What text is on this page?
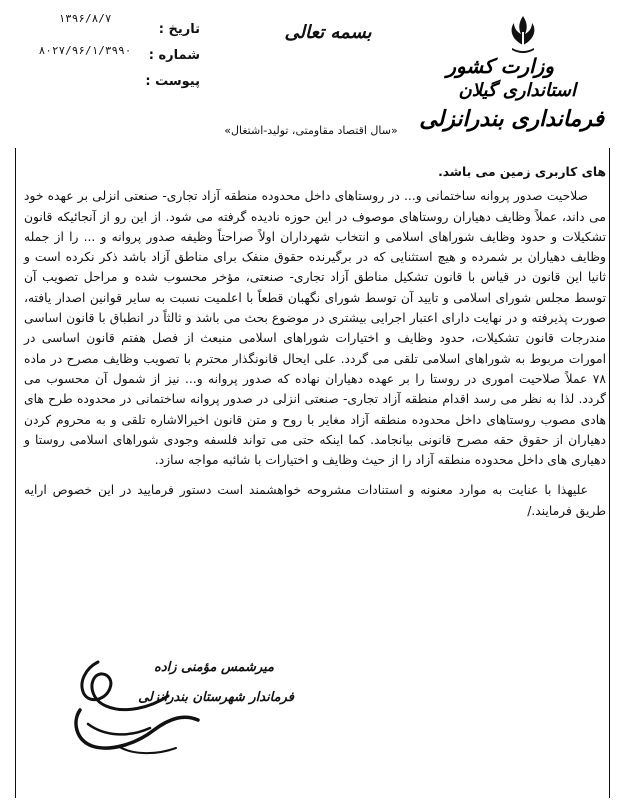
وزارت کشور
استانداری گیلان
فرمانداری بندرانزلی
بسمه تعالی
«سال اقتصاد مقاومتی، تولید-اشتغال»
تاریخ :
۱۳۹۶/۸/۷
شماره :
۸۰۲۷/۹۶/۱/۳۹۹۰
پیوست :
های کاربری زمین می باشد.

صلاحیت صدور پروانه ساختمانی و... در روستاهای داخل محدوده منطقه آزاد تجاری- صنعتی انزلی بر عهده خود می داند، عملاً وظایف دهیاران روستاهای موصوف در این حوزه نادیده گرفته می شود. از این رو از آنجائیکه قانون تشکیلات و حدود وظایف شوراهای اسلامی و انتخاب شهرداران اولاً صراحتاً وظیفه صدور پروانه و ... را از جمله وظایف دهیاران بر شمرده و هیچ استثنایی که در برگیرنده حقوق منفک برای مناطق آزاد باشد ذکر نکرده است و ثانیا این قانون در قیاس با قانون تشکیل مناطق آزاد تجاری- صنعتی، مؤخر محسوب شده و مراحل تصویب آن توسط مجلس شورای اسلامی و تایید آن توسط شورای نگهبان قطعاً با اعلمیت نسبت به سایر قوانین اصدار یافته، صورت پذیرفته و در نهایت دارای اعتبار اجرایی بیشتری در موضوع بحث می باشد و ثالثاً در انطباق با قانون اساسی مندرجات قانون تشکیلات، حدود وظایف و اختیارات شوراهای اسلامی منبعث از فصل هفتم قانون اساسی در امورات مربوط به شوراهای اسلامی تلقی می گردد. علی ایحال قانونگذار محترم با تصویب وظایف مصرح در ماده ۷۸ عملاً صلاحیت اموری در روستا را بر عهده دهیاران نهاده که صدور پروانه و... نیز از شمول آن محسوب می گردد. لذا به نظر می رسد اقدام منطقه آزاد تجاری- صنعتی انزلی در صدور پروانه ساختمانی در محدوده طرح های هادی مصوب روستاهای داخل محدوده منطقه آزاد مغایر با روح و متن قانون اخیرالاشاره تلقی و به محروم کردن دهیاران از حقوق حقه مصرح قانونی بیانجامد. کما اینکه حتی می تواند فلسفه وجودی شوراهای اسلامی روستا و دهیاری های داخل محدوده منطقه آزاد را از حیث وظایف و اختیارات با شائبه مواجه سازد.

علیهذا با عنایت به موارد معنونه و استنادات مشروحه خواهشمند است دستور فرمایید در این خصوص ارایه طریق فرمایند./

میرشمس مؤمنی زاده
فرماندار شهرستان بندرانزلی
